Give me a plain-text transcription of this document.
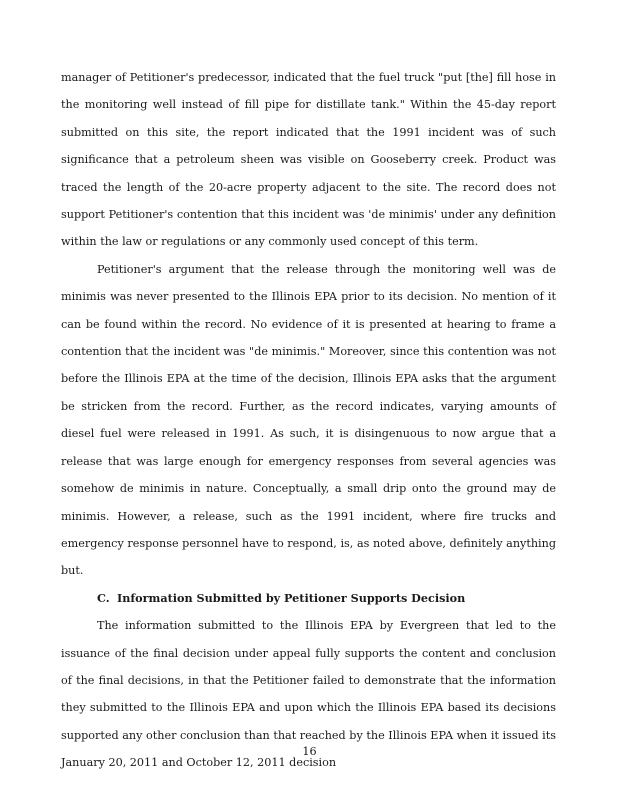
manager of Petitioner's predecessor, indicated that the fuel truck "put [the] fill hose in the monitoring well instead of fill pipe for distillate tank." Within the 45-day report submitted on this site, the report indicated that the 1991 incident was of such significance that a petroleum sheen was visible on Gooseberry creek. Product was traced the length of the 20-acre property adjacent to the site. The record does not support Petitioner's contention that this incident was 'de minimis' under any definition within the law or regulations or any commonly used concept of this term.

Petitioner's argument that the release through the monitoring well was de minimis was never presented to the Illinois EPA prior to its decision. No mention of it can be found within the record. No evidence of it is presented at hearing to frame a contention that the incident was "de minimis." Moreover, since this contention was not before the Illinois EPA at the time of the decision, Illinois EPA asks that the argument be stricken from the record. Further, as the record indicates, varying amounts of diesel fuel were released in 1991. As such, it is disingenuous to now argue that a release that was large enough for emergency responses from several agencies was somehow de minimis in nature. Conceptually, a small drip onto the ground may de minimis. However, a release, such as the 1991 incident, where fire trucks and emergency response personnel have to respond, is, as noted above, definitely anything but.

C. Information Submitted by Petitioner Supports Decision

The information submitted to the Illinois EPA by Evergreen that led to the issuance of the final decision under appeal fully supports the content and conclusion of the final decisions, in that the Petitioner failed to demonstrate that the information they submitted to the Illinois EPA and upon which the Illinois EPA based its decisions supported any other conclusion than that reached by the Illinois EPA when it issued its January 20, 2011 and October 12, 2011 decision

16
